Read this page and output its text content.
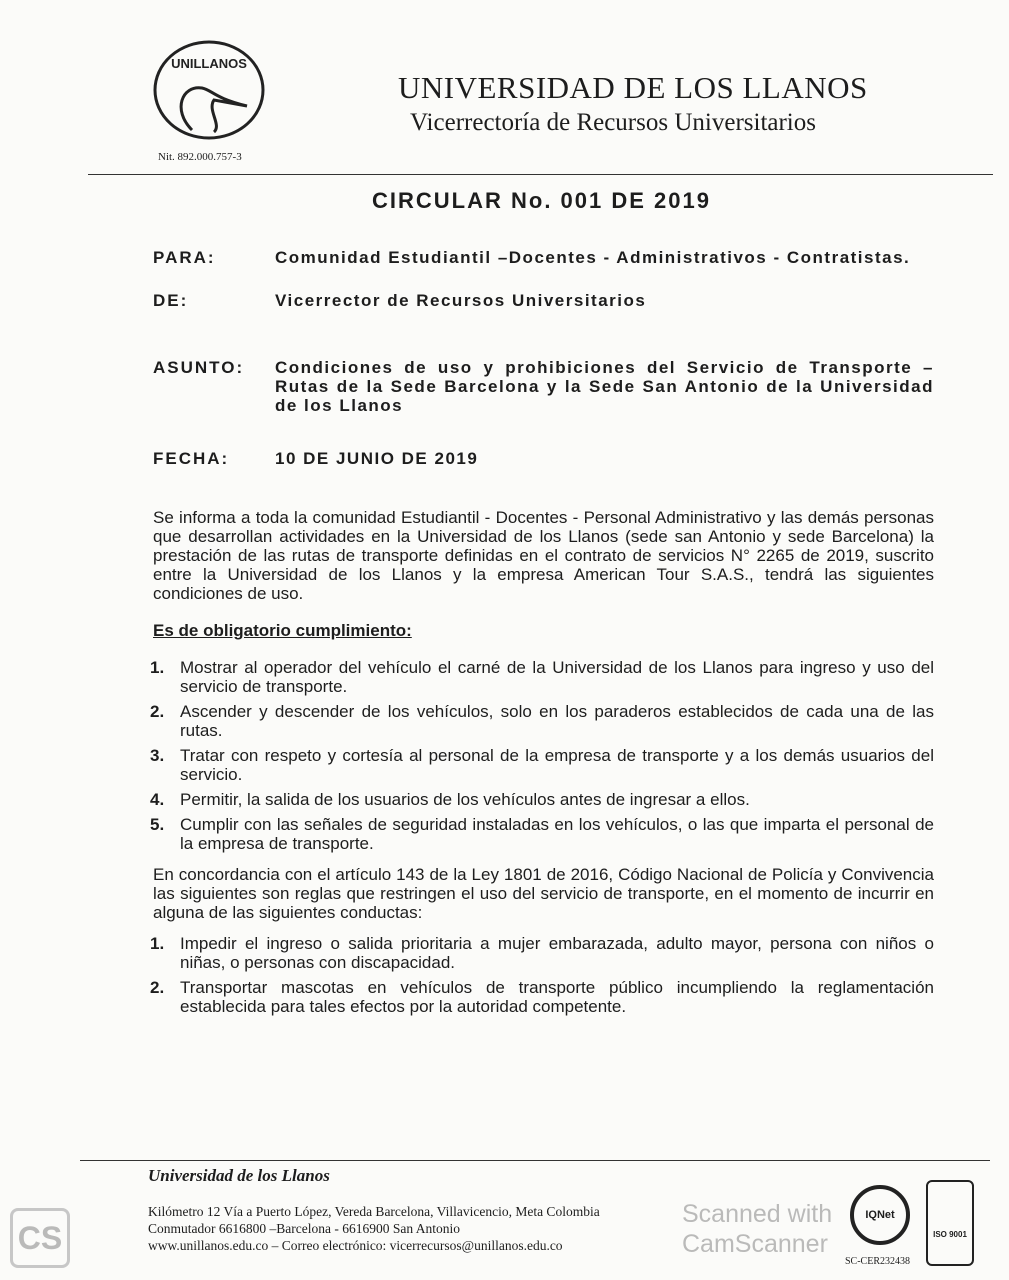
UNILLANOS
Nit. 892.000.757-3
UNIVERSIDAD DE LOS LLANOS
Vicerrectoría de Recursos Universitarios
CIRCULAR No. 001 DE 2019
PARA:	Comunidad Estudiantil –Docentes - Administrativos - Contratistas.
DE:	Vicerrector de Recursos Universitarios
ASUNTO:	Condiciones de uso y prohibiciones del Servicio de Transporte – Rutas de la Sede Barcelona y la Sede San Antonio de la Universidad de los Llanos
FECHA:	10 DE JUNIO DE 2019
Se informa a toda la comunidad Estudiantil - Docentes - Personal Administrativo y las demás personas que desarrollan actividades en la Universidad de los Llanos (sede san Antonio y sede Barcelona) la prestación de las rutas de transporte definidas en el contrato de servicios N° 2265 de 2019, suscrito entre la Universidad de los Llanos y la empresa American Tour S.A.S., tendrá las siguientes condiciones de uso.
Es de obligatorio cumplimiento:
1. Mostrar al operador del vehículo el carné de la Universidad de los Llanos para ingreso y uso del servicio de transporte.
2. Ascender y descender de los vehículos, solo en los paraderos establecidos de cada una de las rutas.
3. Tratar con respeto y cortesía al personal de la empresa de transporte y a los demás usuarios del servicio.
4. Permitir, la salida de los usuarios de los vehículos antes de ingresar a ellos.
5. Cumplir con las señales de seguridad instaladas en los vehículos, o las que imparta el personal de la empresa de transporte.
En concordancia con el artículo 143 de la Ley 1801 de 2016, Código Nacional de Policía y Convivencia las siguientes son reglas que restringen el uso del servicio de transporte, en el momento de incurrir en alguna de las siguientes conductas:
1. Impedir el ingreso o salida prioritaria a mujer embarazada, adulto mayor, persona con niños o niñas, o personas con discapacidad.
2. Transportar mascotas en vehículos de transporte público incumpliendo la reglamentación establecida para tales efectos por la autoridad competente.
Universidad de los Llanos
Kilómetro 12 Vía a Puerto López, Vereda Barcelona, Villavicencio, Meta Colombia
Conmutador 6616800 –Barcelona - 6616900 San Antonio
www.unillanos.edu.co – Correo electrónico: vicerrecursos@unillanos.edu.co
IQNet
ISO 9001
SC-CER232438
CS
Scanned with
CamScanner
